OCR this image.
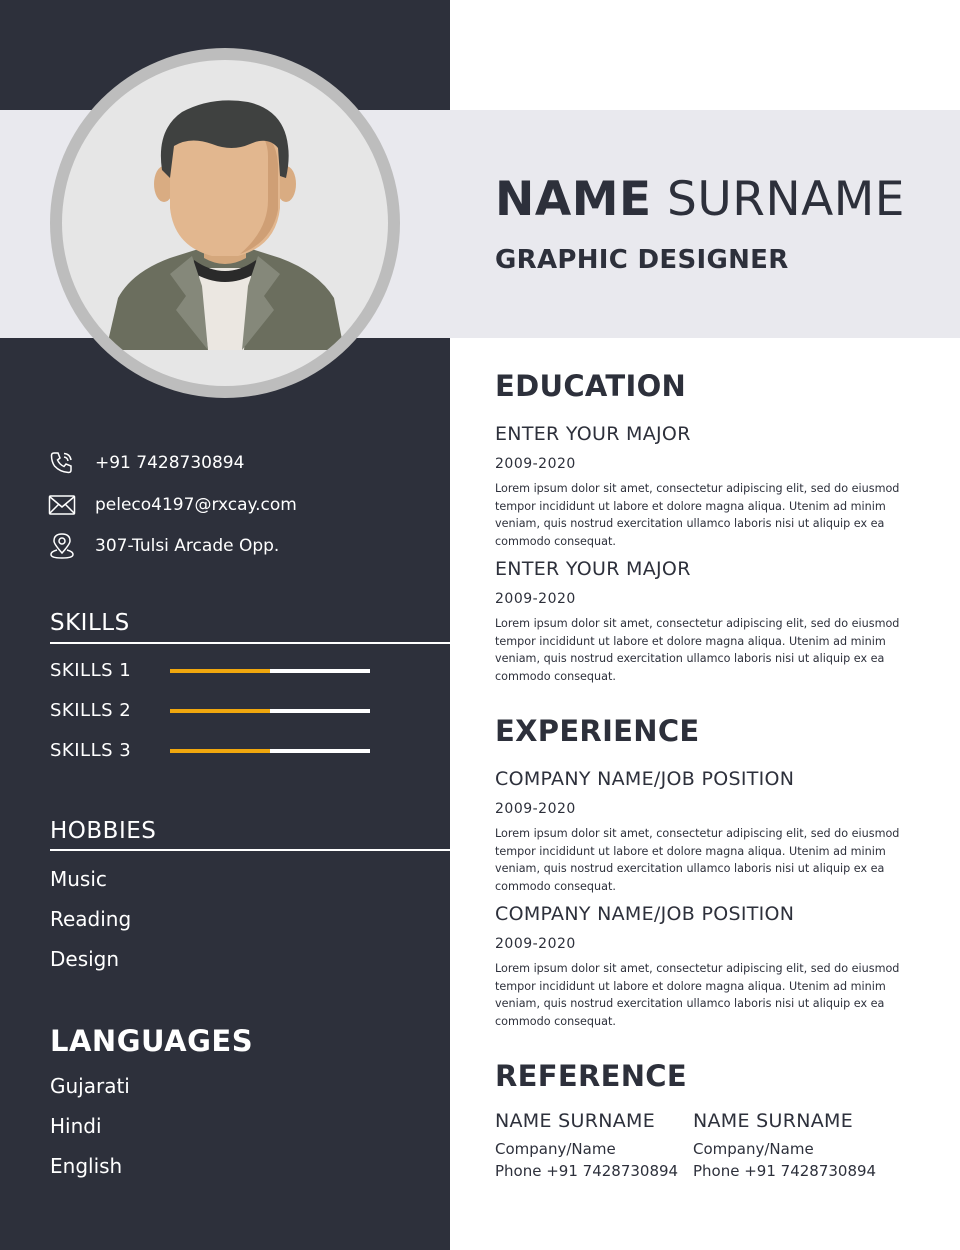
NAME SURNAME
GRAPHIC DESIGNER
+91 7428730894
peleco4197@rxcay.com
307-Tulsi Arcade Opp.
SKILLS
SKILLS 1
SKILLS 2
SKILLS 3
HOBBIES
Music
Reading
Design
LANGUAGES
Gujarati
Hindi
English
EDUCATION
ENTER YOUR MAJOR
2009-2020
Lorem ipsum dolor sit amet, consectetur adipiscing elit, sed do eiusmod tempor incididunt ut labore et dolore magna aliqua. Utenim ad minim veniam, quis nostrud exercitation ullamco laboris nisi ut aliquip ex ea commodo consequat.
ENTER YOUR MAJOR
2009-2020
Lorem ipsum dolor sit amet, consectetur adipiscing elit, sed do eiusmod tempor incididunt ut labore et dolore magna aliqua. Utenim ad minim veniam, quis nostrud exercitation ullamco laboris nisi ut aliquip ex ea commodo consequat.
EXPERIENCE
COMPANY NAME/JOB POSITION
2009-2020
Lorem ipsum dolor sit amet, consectetur adipiscing elit, sed do eiusmod tempor incididunt ut labore et dolore magna aliqua. Utenim ad minim veniam, quis nostrud exercitation ullamco laboris nisi ut aliquip ex ea commodo consequat.
COMPANY NAME/JOB POSITION
2009-2020
Lorem ipsum dolor sit amet, consectetur adipiscing elit, sed do eiusmod tempor incididunt ut labore et dolore magna aliqua. Utenim ad minim veniam, quis nostrud exercitation ullamco laboris nisi ut aliquip ex ea commodo consequat.
REFERENCE
NAME SURNAME
Company/Name
Phone +91 7428730894
NAME SURNAME
Company/Name
Phone +91 7428730894
